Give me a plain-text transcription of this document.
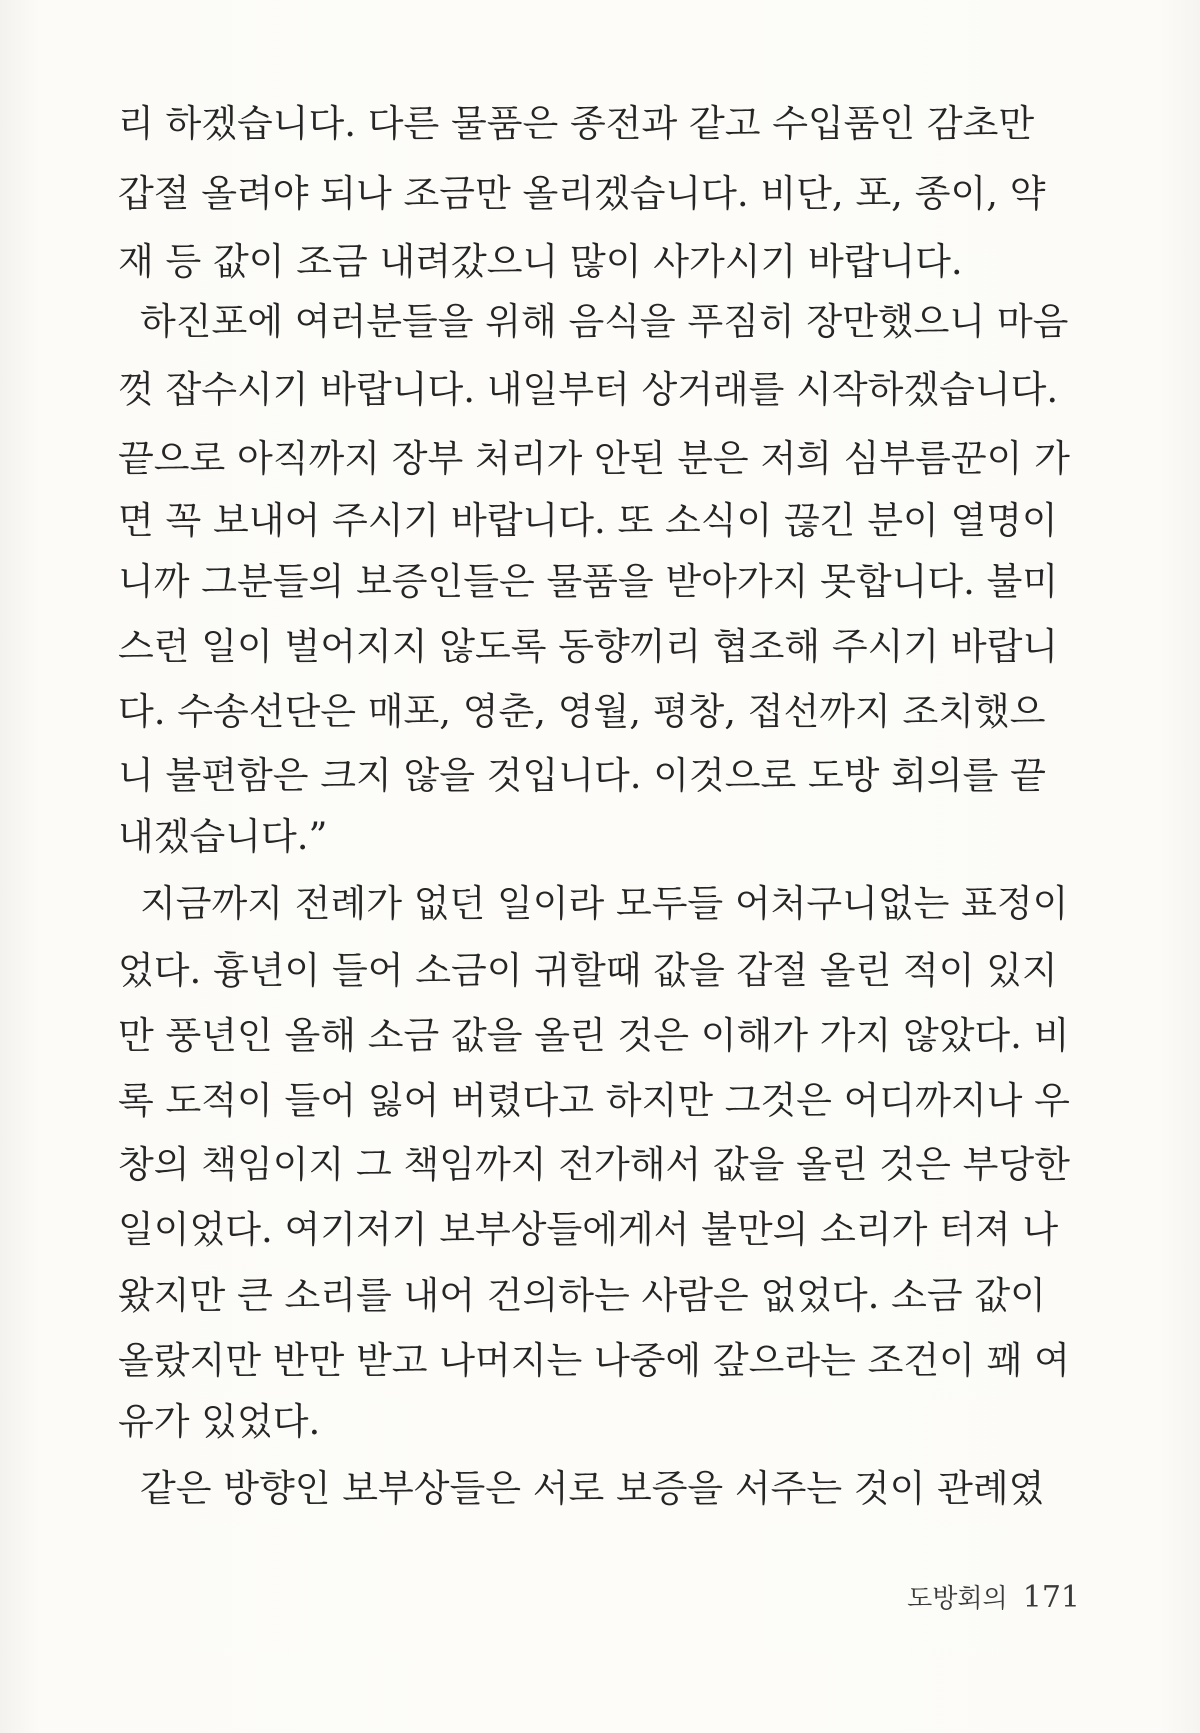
리 하겠습니다. 다른 물품은 종전과 같고 수입품인 감초만
갑절 올려야 되나 조금만 올리겠습니다. 비단, 포, 종이, 약
재 등 값이 조금 내려갔으니 많이 사가시기 바랍니다.
하진포에 여러분들을 위해 음식을 푸짐히 장만했으니 마음
껏 잡수시기 바랍니다. 내일부터 상거래를 시작하겠습니다.
끝으로 아직까지 장부 처리가 안된 분은 저희 심부름꾼이 가
면 꼭 보내어 주시기 바랍니다. 또 소식이 끊긴 분이 열명이
니까 그분들의 보증인들은 물품을 받아가지 못합니다. 불미
스런 일이 벌어지지 않도록 동향끼리 협조해 주시기 바랍니
다. 수송선단은 매포, 영춘, 영월, 평창, 접선까지 조치했으
니 불편함은 크지 않을 것입니다. 이것으로 도방 회의를 끝
내겠습니다.”
지금까지 전례가 없던 일이라 모두들 어처구니없는 표정이
었다. 흉년이 들어 소금이 귀할때 값을 갑절 올린 적이 있지
만 풍년인 올해 소금 값을 올린 것은 이해가 가지 않았다. 비
록 도적이 들어 잃어 버렸다고 하지만 그것은 어디까지나 우
창의 책임이지 그 책임까지 전가해서 값을 올린 것은 부당한
일이었다. 여기저기 보부상들에게서 불만의 소리가 터져 나
왔지만 큰 소리를 내어 건의하는 사람은 없었다. 소금 값이
올랐지만 반만 받고 나머지는 나중에 갚으라는 조건이 꽤 여
유가 있었다.
같은 방향인 보부상들은 서로 보증을 서주는 것이 관례였
도방회의 171
